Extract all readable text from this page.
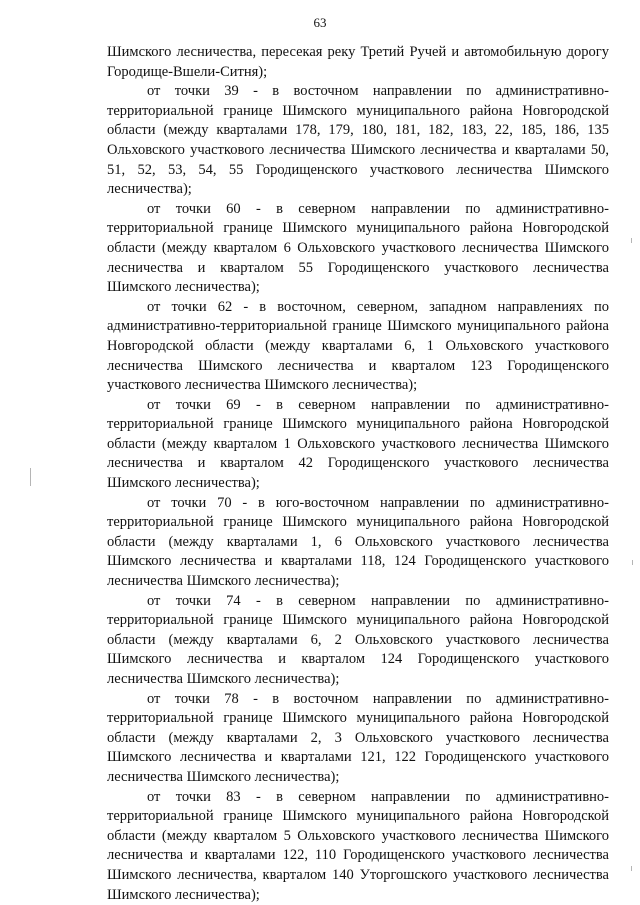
63

Шимского лесничества, пересекая реку Третий Ручей и автомобильную дорогу Городище-Вшели-Ситня);

от точки 39 - в восточном направлении по административно-территориальной границе Шимского муниципального района Новгородской области (между кварталами 178, 179, 180, 181, 182, 183, 22, 185, 186, 135 Ольховского участкового лесничества Шимского лесничества и кварталами 50, 51, 52, 53, 54, 55 Городищенского участкового лесничества Шимского лесничества);

от точки 60 - в северном направлении по административно-территориальной границе Шимского муниципального района Новгородской области (между кварталом 6 Ольховского участкового лесничества Шимского лесничества и кварталом 55 Городищенского участкового лесничества Шимского лесничества);

от точки 62 - в восточном, северном, западном направлениях по административно-территориальной границе Шимского муниципального района Новгородской области (между кварталами 6, 1 Ольховского участкового лесничества Шимского лесничества и кварталом 123 Городищенского участкового лесничества Шимского лесничества);

от точки 69 - в северном направлении по административно-территориальной границе Шимского муниципального района Новгородской области (между кварталом 1 Ольховского участкового лесничества Шимского лесничества и кварталом 42 Городищенского участкового лесничества Шимского лесничества);

от точки 70 - в юго-восточном направлении по административно-территориальной границе Шимского муниципального района Новгородской области (между кварталами 1, 6 Ольховского участкового лесничества Шимского лесничества и кварталами 118, 124 Городищенского участкового лесничества Шимского лесничества);

от точки 74 - в северном направлении по административно-территориальной границе Шимского муниципального района Новгородской области (между кварталами 6, 2 Ольховского участкового лесничества Шимского лесничества и кварталом 124 Городищенского участкового лесничества Шимского лесничества);

от точки 78 - в восточном направлении по административно-территориальной границе Шимского муниципального района Новгородской области (между кварталами 2, 3 Ольховского участкового лесничества Шимского лесничества и кварталами 121, 122 Городищенского участкового лесничества Шимского лесничества);

от точки 83 - в северном направлении по административно-территориальной границе Шимского муниципального района Новгородской области (между кварталом 5 Ольховского участкового лесничества Шимского лесничества и кварталами 122, 110 Городищенского участкового лесничества Шимского лесничества, кварталом 140 Уторгошского участкового лесничества Шимского лесничества);
